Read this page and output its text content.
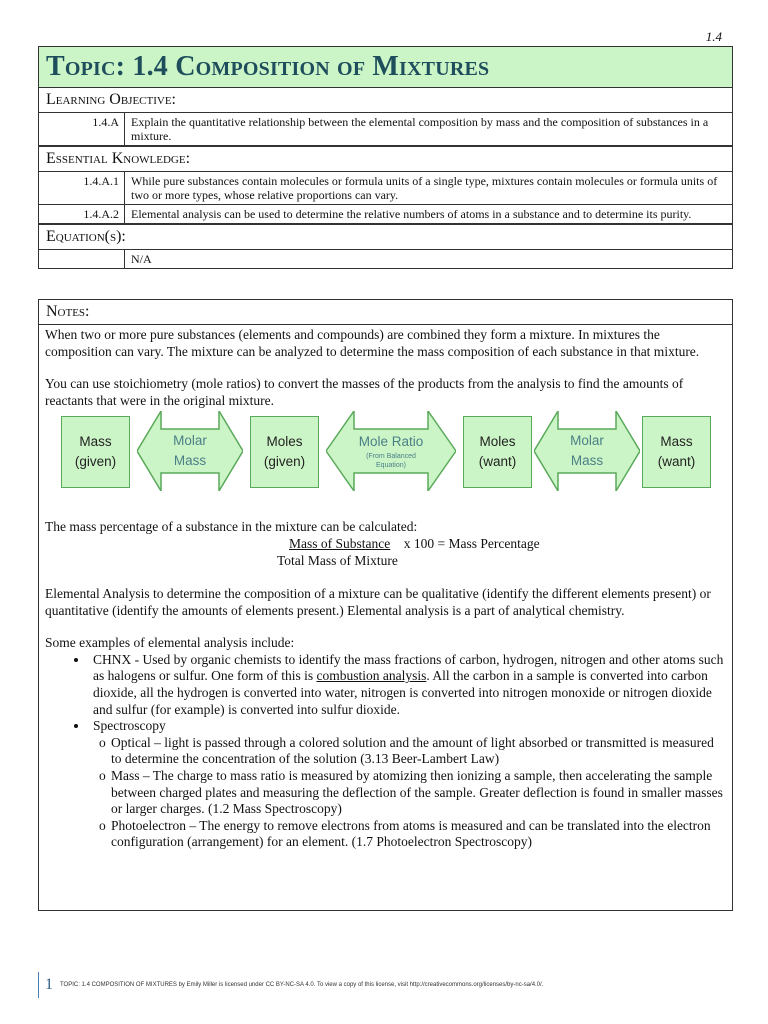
1.4
Topic: 1.4 Composition of Mixtures
Learning Objective:
1.4.A	Explain the quantitative relationship between the elemental composition by mass and the composition of substances in a mixture.
Essential Knowledge:
1.4.A.1	While pure substances contain molecules or formula units of a single type, mixtures contain molecules or formula units of two or more types, whose relative proportions can vary.
1.4.A.2	Elemental analysis can be used to determine the relative numbers of atoms in a substance and to determine its purity.
Equation(s):
N/A
Notes:

When two or more pure substances (elements and compounds) are combined they form a mixture. In mixtures the composition can vary. The mixture can be analyzed to determine the mass composition of each substance in that mixture.

You can use stoichiometry (mole ratios) to convert the masses of the products from the analysis to find the amounts of reactants that were in the original mixture.

Mass
(given)
Molar
Mass
Moles
(given)
Mole Ratio
(From Balanced Equation)
Moles
(want)
Molar
Mass
Mass
(want)

The mass percentage of a substance in the mixture can be calculated:

Mass of Substance x 100 = Mass Percentage
Total Mass of Mixture

Elemental Analysis to determine the composition of a mixture can be qualitative (identify the different elements present) or quantitative (identify the amounts of elements present.) Elemental analysis is a part of analytical chemistry.

Some examples of elemental analysis include:

• CHNX - Used by organic chemists to identify the mass fractions of carbon, hydrogen, nitrogen and other atoms such as halogens or sulfur. One form of this is combustion analysis. All the carbon in a sample is converted into carbon dioxide, all the hydrogen is converted into water, nitrogen is converted into nitrogen monoxide or nitrogen dioxide and sulfur (for example) is converted into sulfur dioxide.
• Spectroscopy
o Optical – light is passed through a colored solution and the amount of light absorbed or transmitted is measured to determine the concentration of the solution (3.13 Beer-Lambert Law)
o Mass – The charge to mass ratio is measured by atomizing then ionizing a sample, then accelerating the sample between charged plates and measuring the deflection of the sample. Greater deflection is found in smaller masses or larger charges. (1.2 Mass Spectroscopy)
o Photoelectron – The energy to remove electrons from atoms is measured and can be translated into the electron configuration (arrangement) for an element. (1.7 Photoelectron Spectroscopy)
1 TOPIC: 1.4 COMPOSITION OF MIXTURES by Emily Miller is licensed under CC BY-NC-SA 4.0. To view a copy of this license, visit http://creativecommons.org/licenses/by-nc-sa/4.0/.
